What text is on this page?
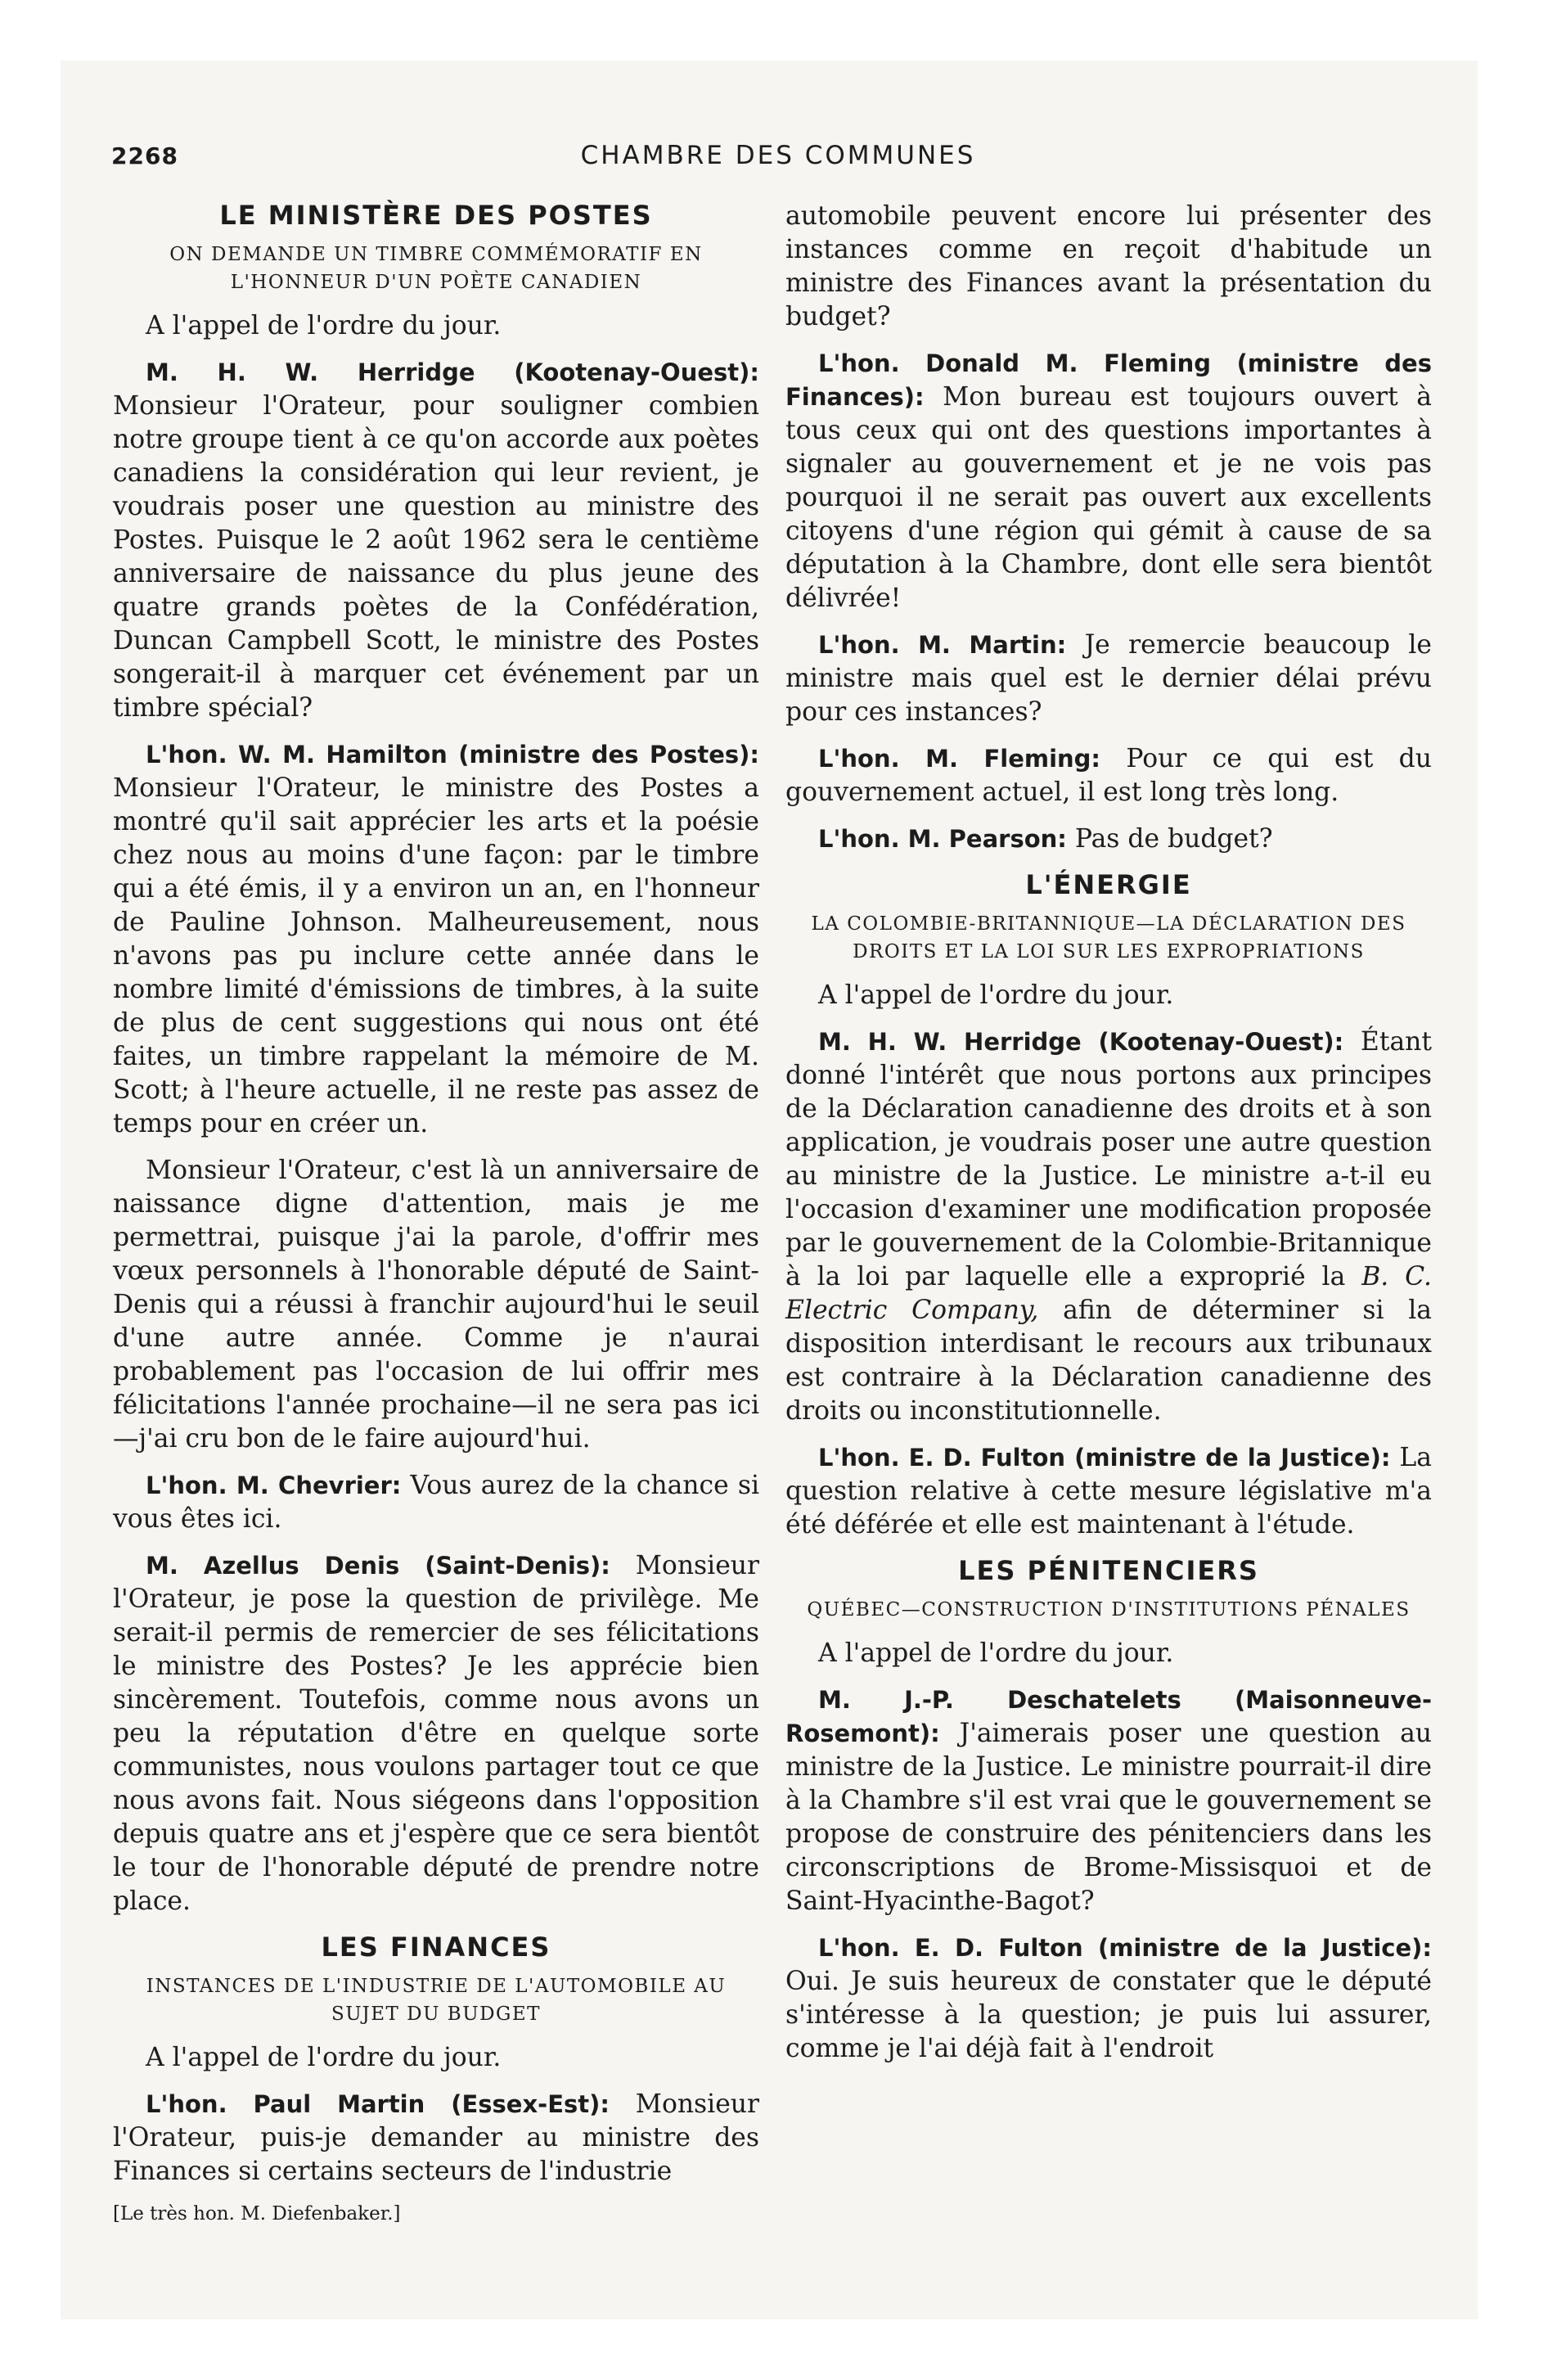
2268	CHAMBRE DES COMMUNES
LE MINISTÈRE DES POSTES
ON DEMANDE UN TIMBRE COMMÉMORATIF EN L'HONNEUR D'UN POÈTE CANADIEN

A l'appel de l'ordre du jour.

M. H. W. Herridge (Kootenay-Ouest): Monsieur l'Orateur, pour souligner combien notre groupe tient à ce qu'on accorde aux poètes canadiens la considération qui leur revient, je voudrais poser une question au ministre des Postes. Puisque le 2 août 1962 sera le centième anniversaire de naissance du plus jeune des quatre grands poètes de la Confédération, Duncan Campbell Scott, le ministre des Postes songerait-il à marquer cet événement par un timbre spécial?

L'hon. W. M. Hamilton (ministre des Postes): Monsieur l'Orateur, le ministre des Postes a montré qu'il sait apprécier les arts et la poésie chez nous au moins d'une façon: par le timbre qui a été émis, il y a environ un an, en l'honneur de Pauline Johnson. Malheureusement, nous n'avons pas pu inclure cette année dans le nombre limité d'émissions de timbres, à la suite de plus de cent suggestions qui nous ont été faites, un timbre rappelant la mémoire de M. Scott; à l'heure actuelle, il ne reste pas assez de temps pour en créer un.

Monsieur l'Orateur, c'est là un anniversaire de naissance digne d'attention, mais je me permettrai, puisque j'ai la parole, d'offrir mes vœux personnels à l'honorable député de Saint-Denis qui a réussi à franchir aujourd'hui le seuil d'une autre année. Comme je n'aurai probablement pas l'occasion de lui offrir mes félicitations l'année prochaine—il ne sera pas ici—j'ai cru bon de le faire aujourd'hui.

L'hon. M. Chevrier: Vous aurez de la chance si vous êtes ici.

M. Azellus Denis (Saint-Denis): Monsieur l'Orateur, je pose la question de privilège. Me serait-il permis de remercier de ses félicitations le ministre des Postes? Je les apprécie bien sincèrement. Toutefois, comme nous avons un peu la réputation d'être en quelque sorte communistes, nous voulons partager tout ce que nous avons fait. Nous siégeons dans l'opposition depuis quatre ans et j'espère que ce sera bientôt le tour de l'honorable député de prendre notre place.

LES FINANCES
INSTANCES DE L'INDUSTRIE DE L'AUTOMOBILE AU SUJET DU BUDGET

A l'appel de l'ordre du jour.

L'hon. Paul Martin (Essex-Est): Monsieur l'Orateur, puis-je demander au ministre des Finances si certains secteurs de l'industrie

[Le très hon. M. Diefenbaker.]

automobile peuvent encore lui présenter des instances comme en reçoit d'habitude un ministre des Finances avant la présentation du budget?

L'hon. Donald M. Fleming (ministre des Finances): Mon bureau est toujours ouvert à tous ceux qui ont des questions importantes à signaler au gouvernement et je ne vois pas pourquoi il ne serait pas ouvert aux excellents citoyens d'une région qui gémit à cause de sa députation à la Chambre, dont elle sera bientôt délivrée!

L'hon. M. Martin: Je remercie beaucoup le ministre mais quel est le dernier délai prévu pour ces instances?

L'hon. M. Fleming: Pour ce qui est du gouvernement actuel, il est long très long.

L'hon. M. Pearson: Pas de budget?

L'ÉNERGIE
LA COLOMBIE-BRITANNIQUE—LA DÉCLARATION DES DROITS ET LA LOI SUR LES EXPROPRIATIONS

A l'appel de l'ordre du jour.

M. H. W. Herridge (Kootenay-Ouest): Étant donné l'intérêt que nous portons aux principes de la Déclaration canadienne des droits et à son application, je voudrais poser une autre question au ministre de la Justice. Le ministre a-t-il eu l'occasion d'examiner une modification proposée par le gouvernement de la Colombie-Britannique à la loi par laquelle elle a exproprié la B. C. Electric Company, afin de déterminer si la disposition interdisant le recours aux tribunaux est contraire à la Déclaration canadienne des droits ou inconstitutionnelle.

L'hon. E. D. Fulton (ministre de la Justice): La question relative à cette mesure législative m'a été déférée et elle est maintenant à l'étude.

LES PÉNITENCIERS
QUÉBEC—CONSTRUCTION D'INSTITUTIONS PÉNALES

A l'appel de l'ordre du jour.

M. J.-P. Deschatelets (Maisonneuve-Rosemont): J'aimerais poser une question au ministre de la Justice. Le ministre pourrait-il dire à la Chambre s'il est vrai que le gouvernement se propose de construire des pénitenciers dans les circonscriptions de Brome-Missisquoi et de Saint-Hyacinthe-Bagot?

L'hon. E. D. Fulton (ministre de la Justice): Oui. Je suis heureux de constater que le député s'intéresse à la question; je puis lui assurer, comme je l'ai déjà fait à l'endroit
